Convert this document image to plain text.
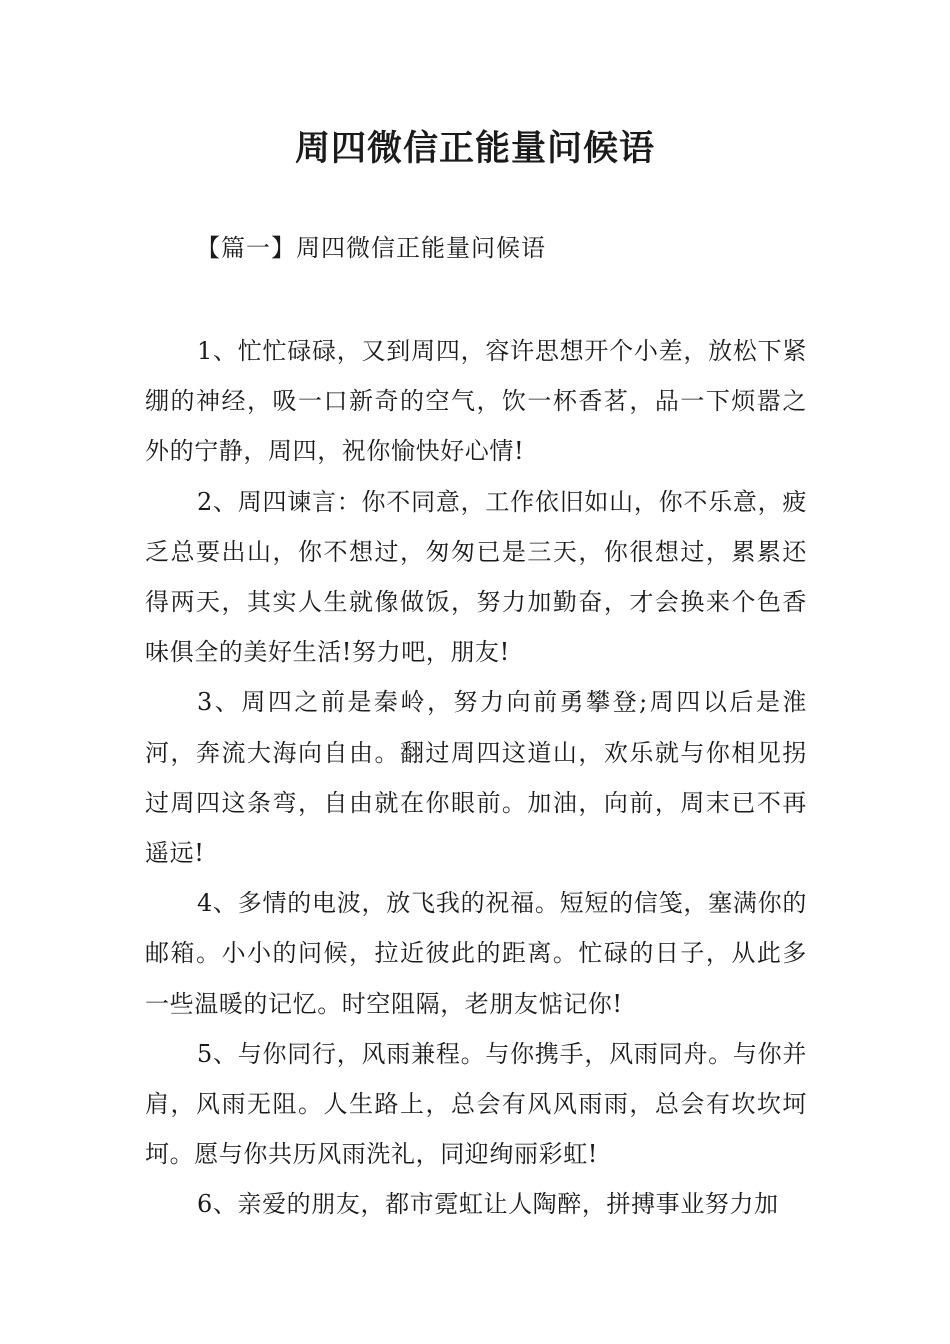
周四微信正能量问候语
【篇一】周四微信正能量问候语

1、忙忙碌碌，又到周四，容许思想开个小差，放松下紧绷的神经，吸一口新奇的空气，饮一杯香茗，品一下烦嚣之外的宁静，周四，祝你愉快好心情!

2、周四谏言：你不同意，工作依旧如山，你不乐意，疲乏总要出山，你不想过，匆匆已是三天，你很想过，累累还得两天，其实人生就像做饭，努力加勤奋，才会换来个色香味俱全的美好生活!努力吧，朋友!

3、周四之前是秦岭，努力向前勇攀登;周四以后是淮河，奔流大海向自由。翻过周四这道山，欢乐就与你相见拐过周四这条弯，自由就在你眼前。加油，向前，周末已不再遥远!

4、多情的电波，放飞我的祝福。短短的信笺，塞满你的邮箱。小小的问候，拉近彼此的距离。忙碌的日子，从此多一些温暖的记忆。时空阻隔，老朋友惦记你!

5、与你同行，风雨兼程。与你携手，风雨同舟。与你并肩，风雨无阻。人生路上，总会有风风雨雨，总会有坎坎坷坷。愿与你共历风雨洗礼，同迎绚丽彩虹!

6、亲爱的朋友，都市霓虹让人陶醉，拼搏事业努力加
